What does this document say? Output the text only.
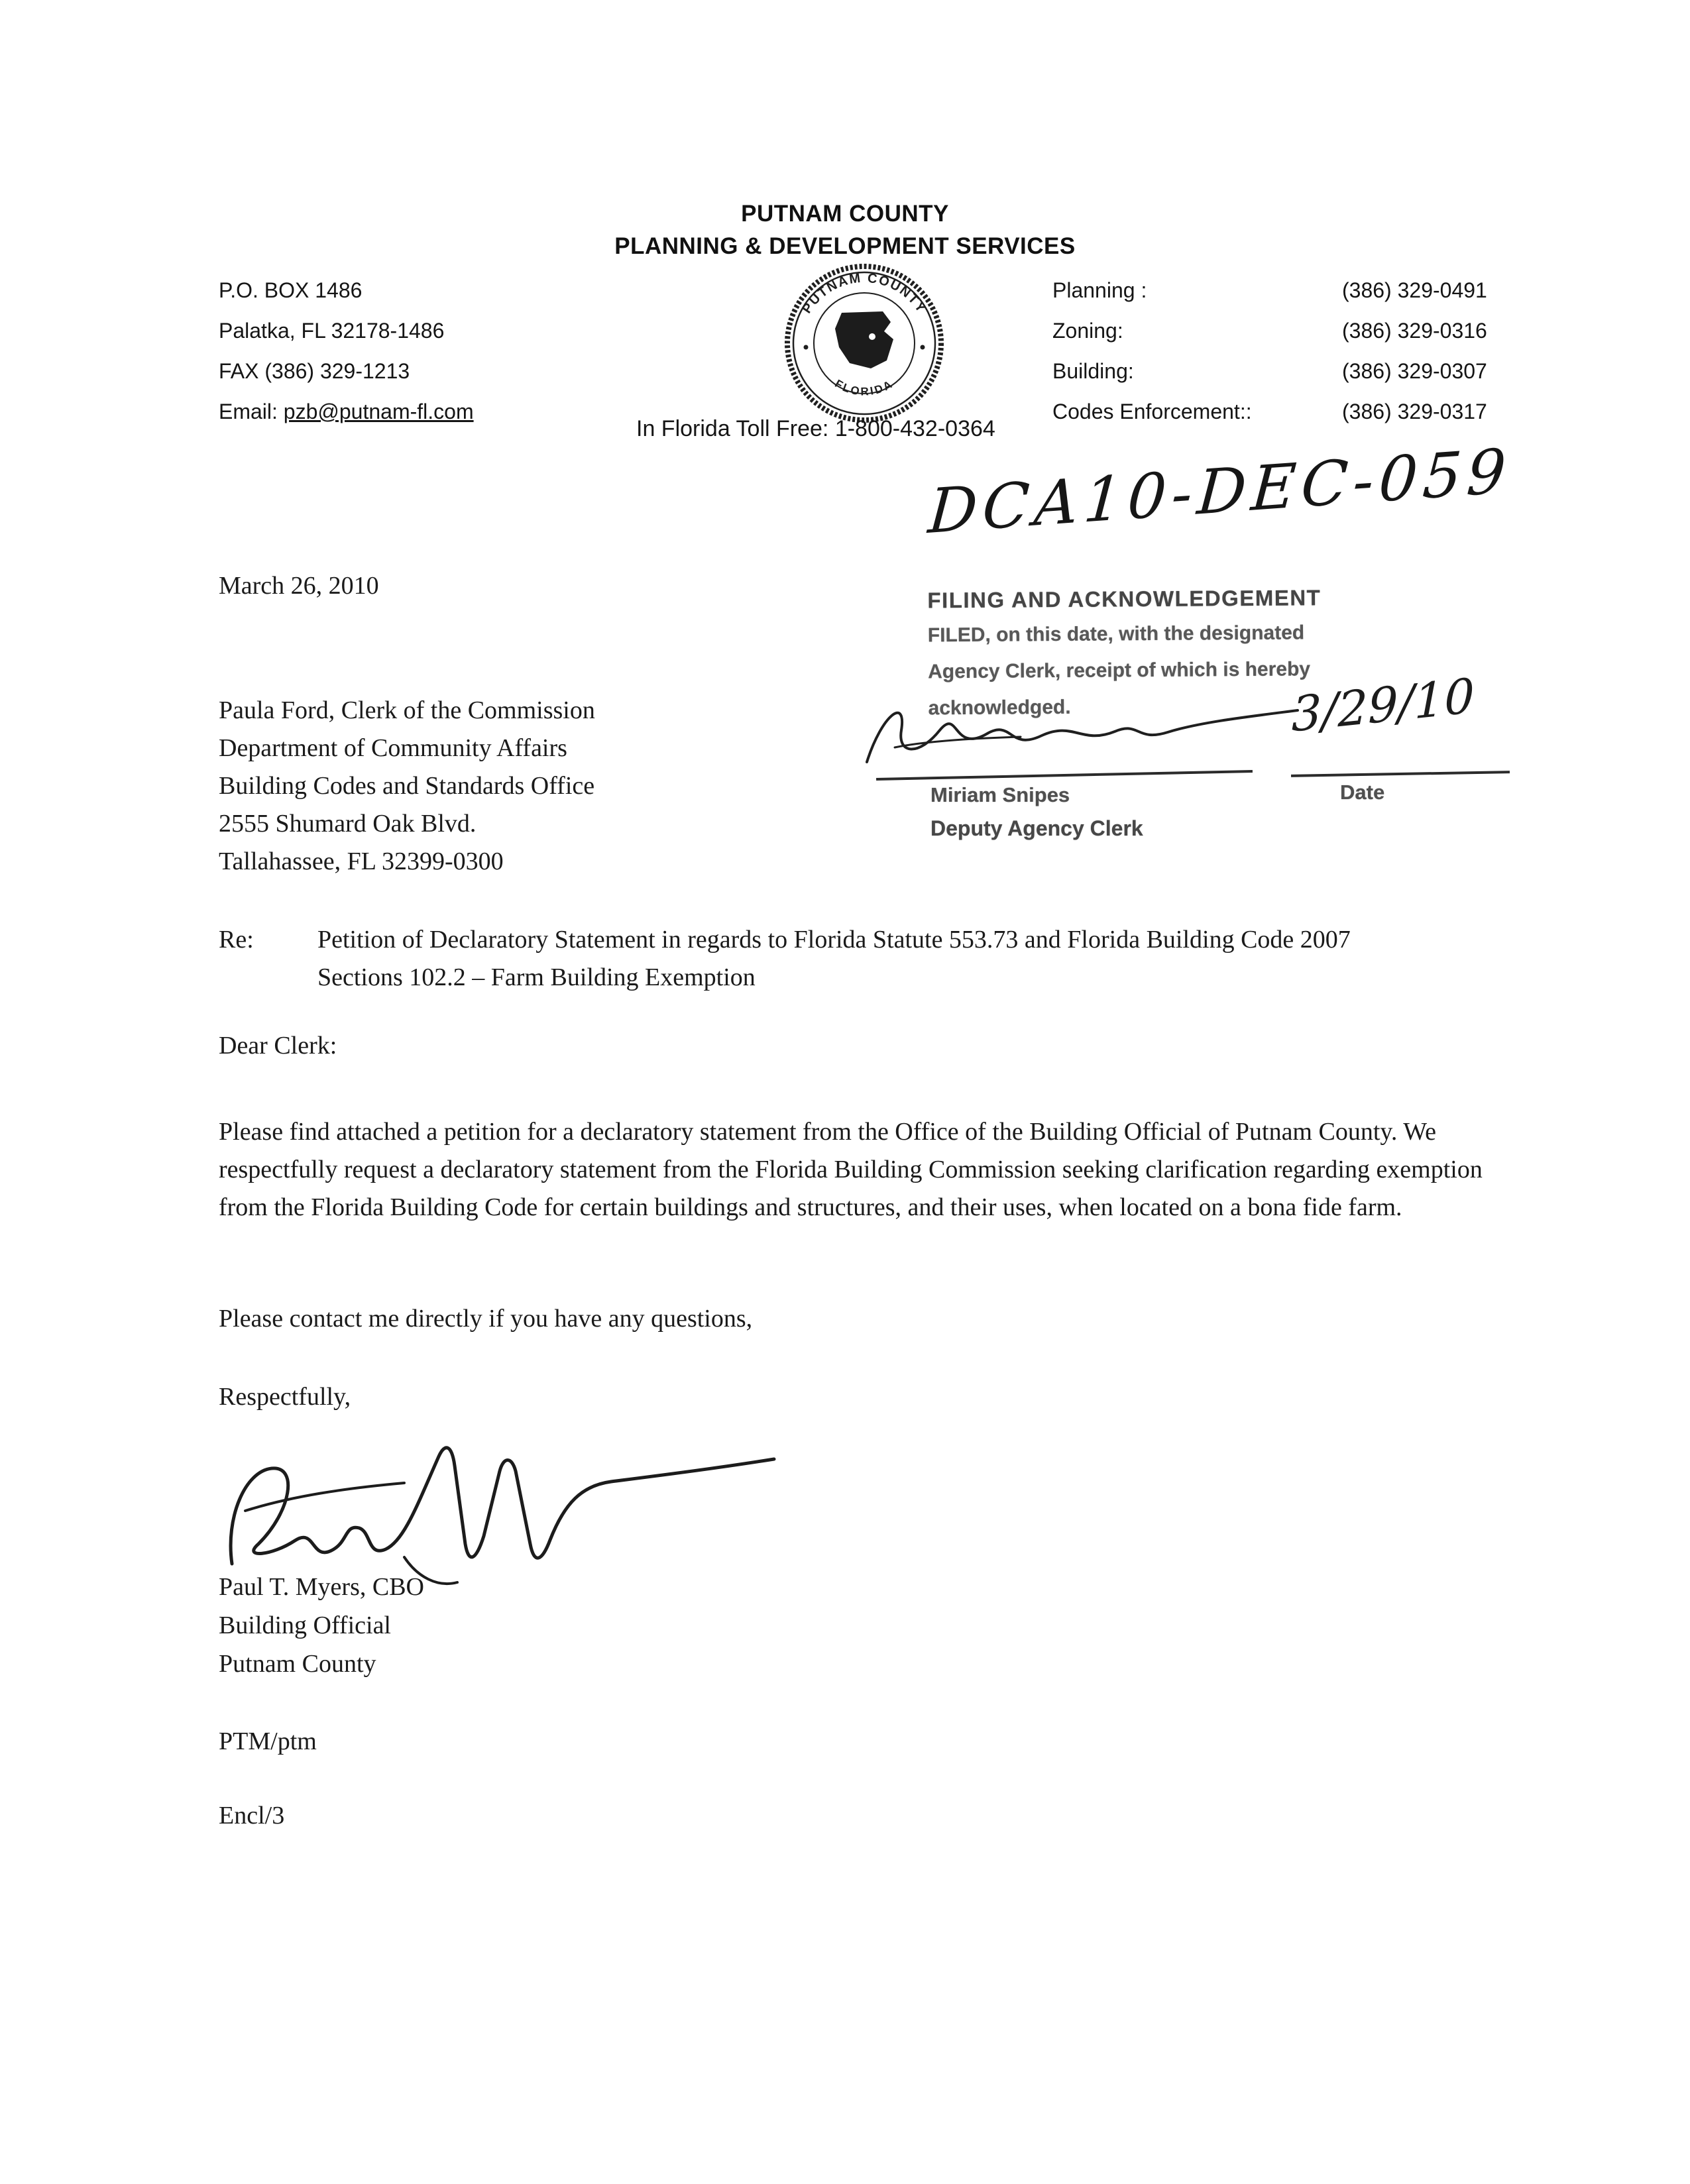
PUTNAM COUNTY
PLANNING & DEVELOPMENT SERVICES
P.O. BOX 1486
Palatka, FL 32178-1486
FAX (386) 329-1213
Email: pzb@putnam-fl.com
PUTNAM COUNTY
FLORIDA
Planning :	(386) 329-0491
Zoning:	(386) 329-0316
Building:	(386) 329-0307
Codes Enforcement::	(386) 329-0317
In Florida Toll Free: 1-800-432-0364
DCA10-DEC-059
March 26, 2010	FILING AND ACKNOWLEDGEMENT
FILED, on this date, with the designated
Agency Clerk, receipt of which is hereby
acknowledged.	3/29/10
Miriam Snipes	Date
Deputy Agency Clerk
Paula Ford, Clerk of the Commission
Department of Community Affairs
Building Codes and Standards Office
2555 Shumard Oak Blvd.
Tallahassee, FL 32399-0300
Re:	Petition of Declaratory Statement in regards to Florida Statute 553.73 and Florida Building Code 2007 Sections 102.2 – Farm Building Exemption
Dear Clerk:
Please find attached a petition for a declaratory statement from the Office of the Building Official of Putnam County. We respectfully request a declaratory statement from the Florida Building Commission seeking clarification regarding exemption from the Florida Building Code for certain buildings and structures, and their uses, when located on a bona fide farm.
Please contact me directly if you have any questions,
Respectfully,
Paul T. Myers, CBO
Building Official
Putnam County
PTM/ptm
Encl/3
